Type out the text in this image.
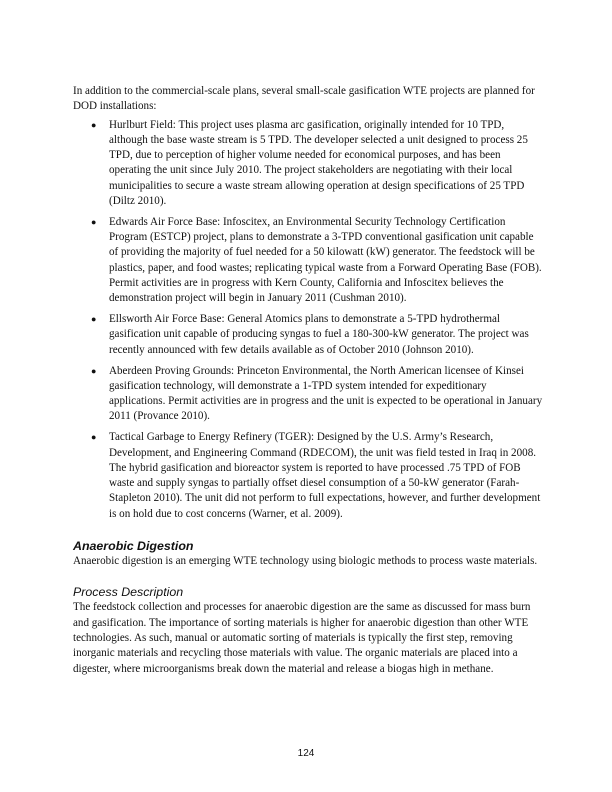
In addition to the commercial-scale plans, several small-scale gasification WTE projects are planned for DOD installations:

● Hurlburt Field: This project uses plasma arc gasification, originally intended for 10 TPD, although the base waste stream is 5 TPD. The developer selected a unit designed to process 25 TPD, due to perception of higher volume needed for economical purposes, and has been operating the unit since July 2010. The project stakeholders are negotiating with their local municipalities to secure a waste stream allowing operation at design specifications of 25 TPD (Diltz 2010).
● Edwards Air Force Base: Infoscitex, an Environmental Security Technology Certification Program (ESTCP) project, plans to demonstrate a 3-TPD conventional gasification unit capable of providing the majority of fuel needed for a 50 kilowatt (kW) generator. The feedstock will be plastics, paper, and food wastes; replicating typical waste from a Forward Operating Base (FOB). Permit activities are in progress with Kern County, California and Infoscitex believes the demonstration project will begin in January 2011 (Cushman 2010).
● Ellsworth Air Force Base: General Atomics plans to demonstrate a 5-TPD hydrothermal gasification unit capable of producing syngas to fuel a 180-300-kW generator. The project was recently announced with few details available as of October 2010 (Johnson 2010).
● Aberdeen Proving Grounds: Princeton Environmental, the North American licensee of Kinsei gasification technology, will demonstrate a 1-TPD system intended for expeditionary applications. Permit activities are in progress and the unit is expected to be operational in January 2011 (Provance 2010).
● Tactical Garbage to Energy Refinery (TGER): Designed by the U.S. Army’s Research, Development, and Engineering Command (RDECOM), the unit was field tested in Iraq in 2008. The hybrid gasification and bioreactor system is reported to have processed .75 TPD of FOB waste and supply syngas to partially offset diesel consumption of a 50-kW generator (Farah-Stapleton 2010). The unit did not perform to full expectations, however, and further development is on hold due to cost concerns (Warner, et al. 2009).
Anaerobic Digestion

Anaerobic digestion is an emerging WTE technology using biologic methods to process waste materials.

Process Description

The feedstock collection and processes for anaerobic digestion are the same as discussed for mass burn and gasification. The importance of sorting materials is higher for anaerobic digestion than other WTE technologies. As such, manual or automatic sorting of materials is typically the first step, removing inorganic materials and recycling those materials with value. The organic materials are placed into a digester, where microorganisms break down the material and release a biogas high in methane.

124
